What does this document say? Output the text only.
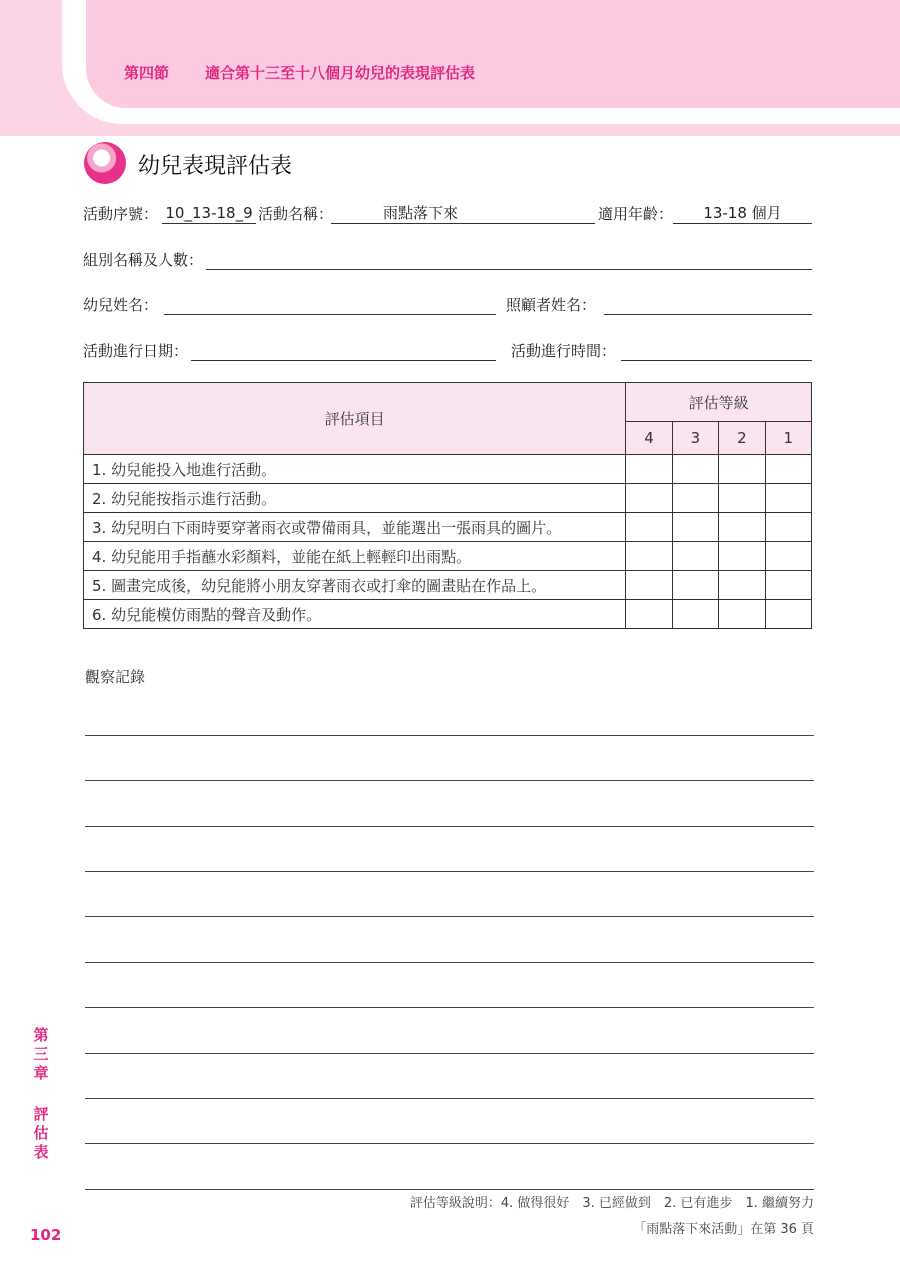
第四節 適合第十三至十八個月幼兒的表現評估表
幼兒表現評估表
活動序號： 10_13-18_9 活動名稱：	雨點落下來	適用年齡：	13-18 個月
組別名稱及人數：
幼兒姓名：	照顧者姓名：
活動進行日期：	活動進行時間：
評估項目	評估等級			
	4	3	2	1
1. 幼兒能投入地進行活動。				
2. 幼兒能按指示進行活動。				
3. 幼兒明白下雨時要穿著雨衣或帶備雨具，並能選出一張雨具的圖片。				
4. 幼兒能用手指蘸水彩顏料，並能在紙上輕輕印出雨點。				
5. 圖畫完成後，幼兒能將小朋友穿著雨衣或打傘的圖畫貼在作品上。				
6. 幼兒能模仿雨點的聲音及動作。				
觀察記錄
評估等級說明：4. 做得很好　3. 已經做到　2. 已有進步　1. 繼續努力
「雨點落下來活動」在第 36 頁
第
三
章
評
估
表
102
